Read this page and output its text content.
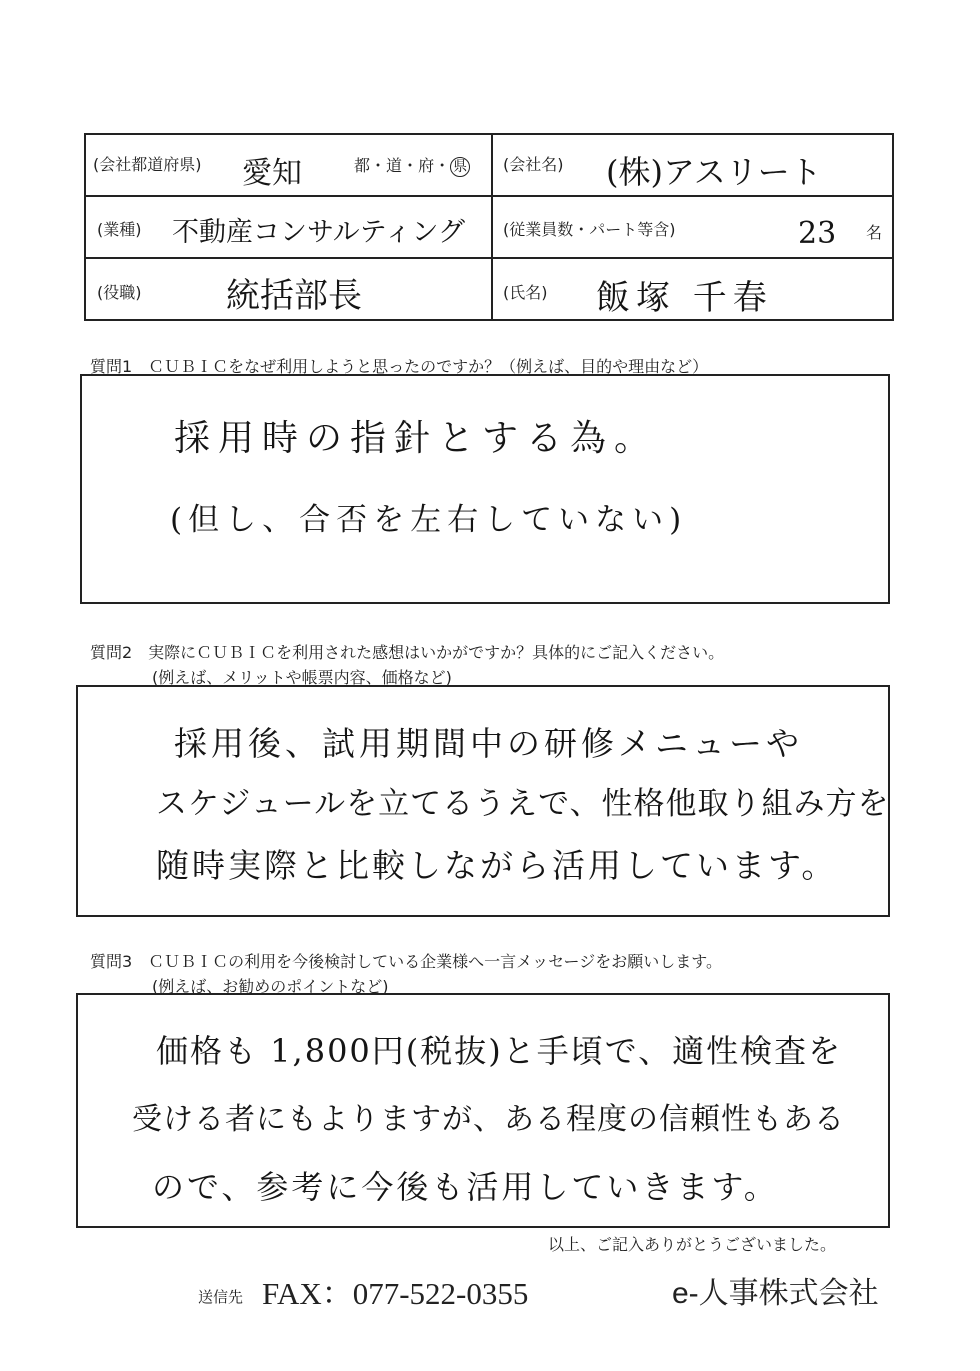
(会社都道府県) 愛知	都・道・府・ 県 (会社名) (株)アスリート
(業種) 不動産コンサルティング (従業員数・パート等含)	23 名
(役職) 統括部長	(氏名) 飯塚 千春
質問1　ＣＵＢＩＣをなぜ利用しようと思ったのですか？（例えば、目的や理由など）
採用時の指針とする為。
(但し、合否を左右していない)
質問2　実際にＣＵＢＩＣを利用された感想はいかがですか？具体的にご記入ください。
(例えば、メリットや帳票内容、価格など)
採用後、試用期間中の研修メニューや
スケジュールを立てるうえで、性格他取り組み方を
随時実際と比較しながら活用しています。
質問3　ＣＵＢＩＣの利用を今後検討している企業様へ一言メッセージをお願いします。
(例えば、お勧めのポイントなど)
価格も 1,800円(税抜)と手頃で、適性検査を
受ける者にもよりますが、ある程度の信頼性もある
ので、参考に今後も活用していきます。
以上、ご記入ありがとうございました。
送信先 FAX：077-522-0355	e-人事株式会社
